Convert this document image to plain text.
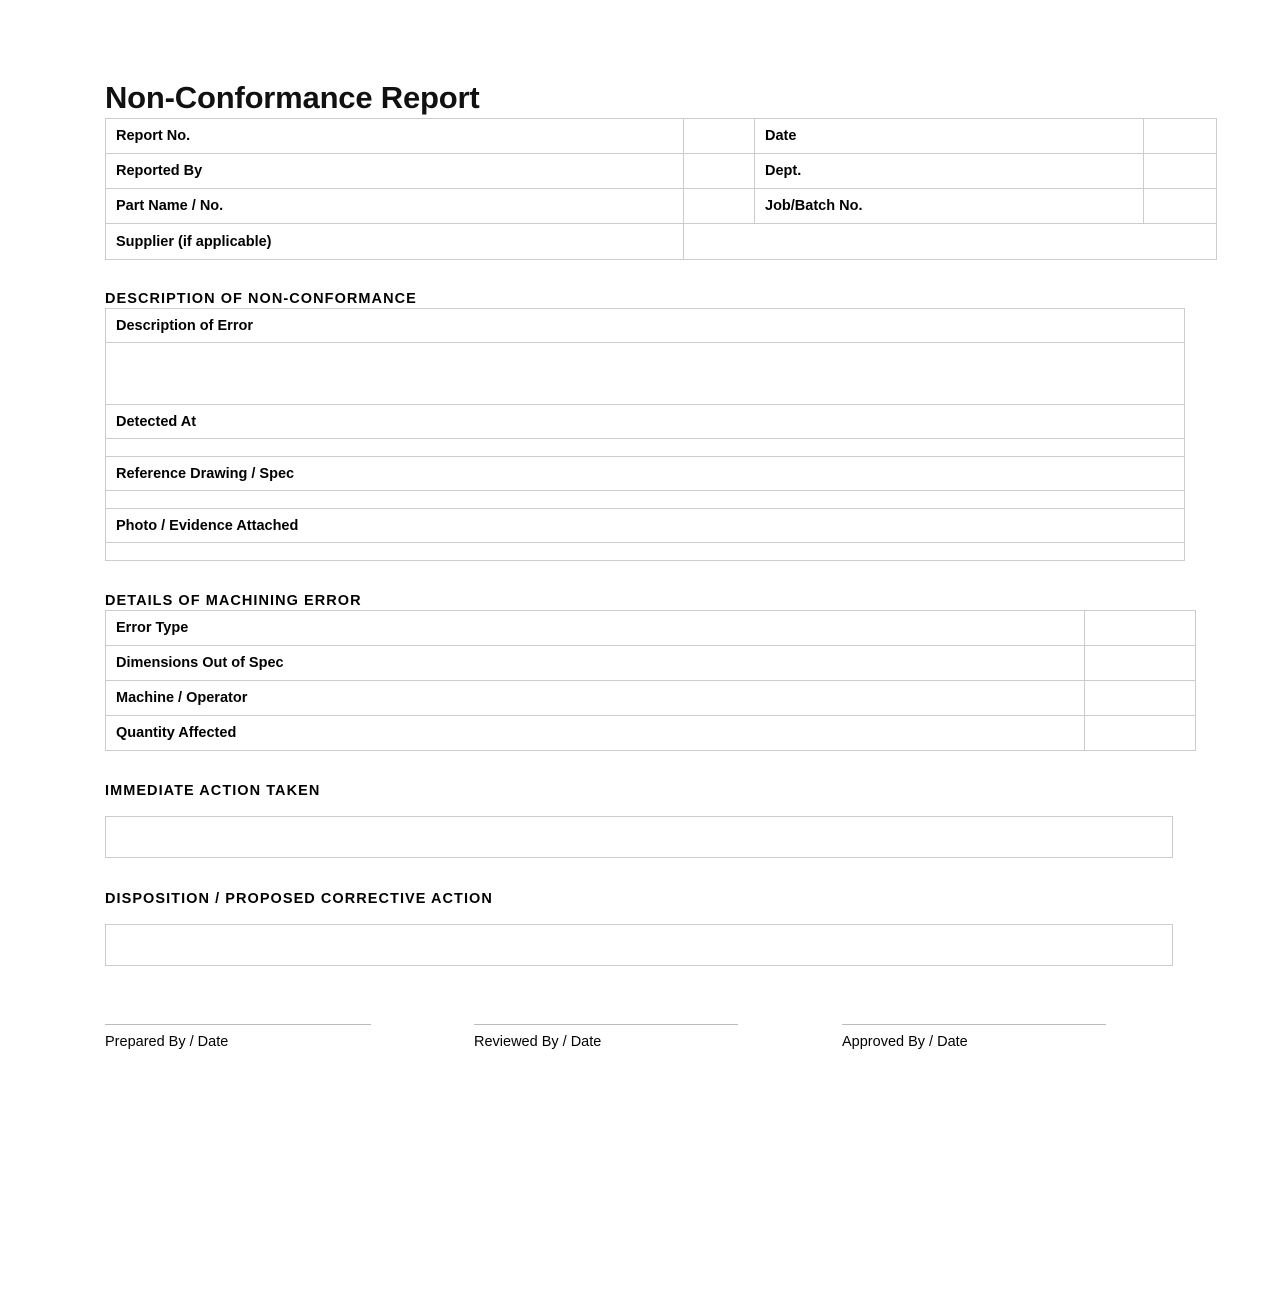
Non-Conformance Report
Report No.		Date	
Reported By		Dept.	
Part Name / No.		Job/Batch No.	
Supplier (if applicable)			
DESCRIPTION OF NON-CONFORMANCE
Description of Error

Detected At

Reference Drawing / Spec

Photo / Evidence Attached

DETAILS OF MACHINING ERROR
Error Type	
Dimensions Out of Spec	
Machine / Operator	
Quantity Affected	
IMMEDIATE ACTION TAKEN
DISPOSITION / PROPOSED CORRECTIVE ACTION
Prepared By / Date	Reviewed By / Date	Approved By / Date
